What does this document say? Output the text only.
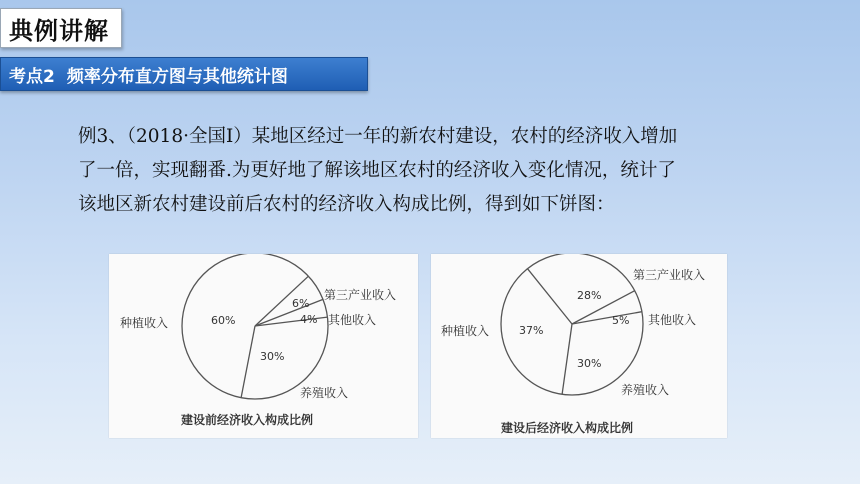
典例讲解
考点2 频率分布直方图与其他统计图
例3、（2018·全国I）某地区经过一年的新农村建设，农村的经济收入增加
了一倍，实现翻番.为更好地了解该地区农村的经济收入变化情况，统计了
该地区新农村建设前后农村的经济收入构成比例，得到如下饼图：
60%
6%
4%
30%
种植收入
第三产业收入
其他收入
养殖收入
建设前经济收入构成比例
37%
28%
5%
30%
种植收入
第三产业收入
其他收入
养殖收入
建设后经济收入构成比例
